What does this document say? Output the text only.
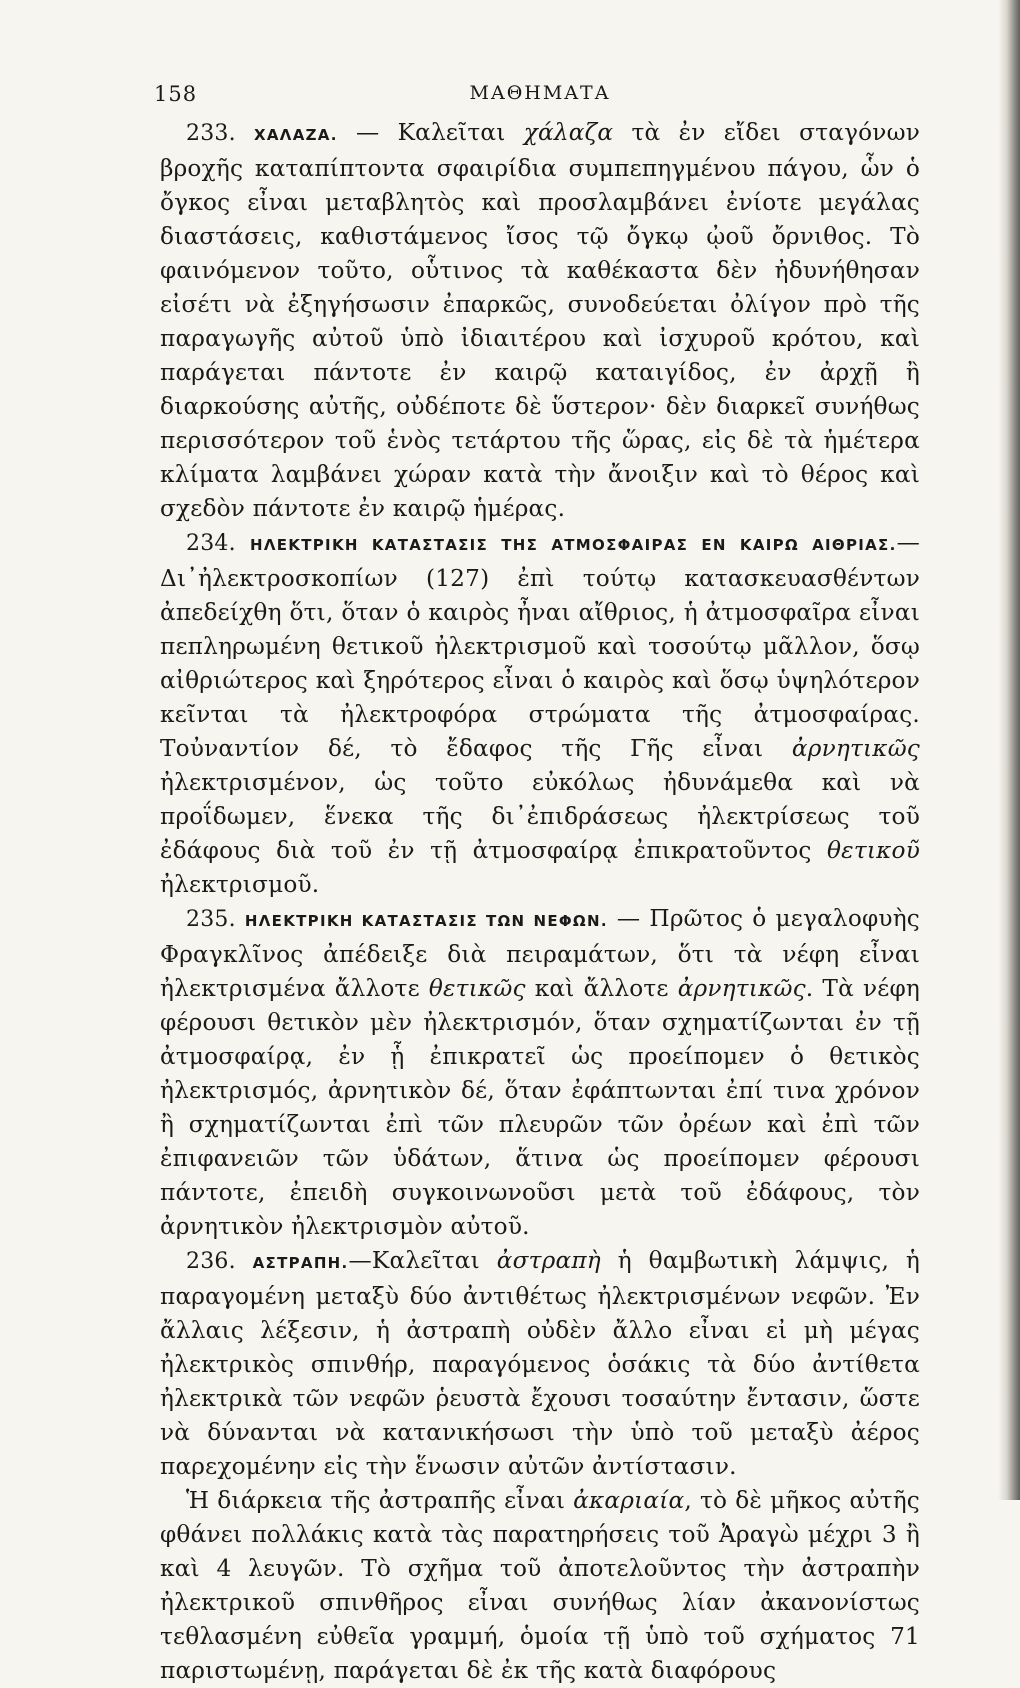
158	ΜΑΘΗΜΑΤΑ

233. ΧΑΛΑΖΑ. — Καλεῖται χάλαζα τὰ ἐν εἴδει σταγόνων βροχῆς καταπίπτοντα σφαιρίδια συμπεπηγμένου πάγου, ὧν ὁ ὄγκος εἶναι μεταβλητὸς καὶ προσλαμβάνει ἐνίοτε μεγάλας διαστάσεις, καθιστάμενος ἴσος τῷ ὄγκῳ ᾠοῦ ὄρνιθος. Τὸ φαινόμενον τοῦτο, οὗτινος τὰ καθέκαστα δὲν ἠδυνήθησαν εἰσέτι νὰ ἐξηγήσωσιν ἐπαρκῶς, συνοδεύεται ὀλίγον πρὸ τῆς παραγωγῆς αὐτοῦ ὑπὸ ἰδιαιτέρου καὶ ἰσχυροῦ κρότου, καὶ παράγεται πάντοτε ἐν καιρῷ καταιγίδος, ἐν ἀρχῇ ἢ διαρκούσης αὐτῆς, οὐδέποτε δὲ ὕστερον· δὲν διαρκεῖ συνήθως περισσότερον τοῦ ἑνὸς τετάρτου τῆς ὥρας, εἰς δὲ τὰ ἡμέτερα κλίματα λαμβάνει χώραν κατὰ τὴν ἄνοιξιν καὶ τὸ θέρος καὶ σχεδὸν πάντοτε ἐν καιρῷ ἡμέρας.

234. ΗΛΕΚΤΡΙΚΗ ΚΑΤΑΣΤΑΣΙΣ ΤΗΣ ΑΤΜΟΣΦΑΙΡΑΣ ΕΝ ΚΑΙΡΩ ΑΙΘΡΙΑΣ.—Δι᾽ἠλεκτροσκοπίων (127) ἐπὶ τούτῳ κατασκευασθέντων ἀπεδείχθη ὅτι, ὅταν ὁ καιρὸς ἦναι αἴθριος, ἡ ἀτμοσφαῖρα εἶναι πεπληρωμένη θετικοῦ ἠλεκτρισμοῦ καὶ τοσούτῳ μᾶλλον, ὅσῳ αἰθριώτερος καὶ ξηρότερος εἶναι ὁ καιρὸς καὶ ὅσῳ ὑψηλότερον κεῖνται τὰ ἠλεκτροφόρα στρώματα τῆς ἀτμοσφαίρας. Τοὐναντίον δέ, τὸ ἔδαφος τῆς Γῆς εἶναι ἀρνητικῶς ἠλεκτρισμένον, ὡς τοῦτο εὐκόλως ἠδυνάμεθα καὶ νὰ προΐδωμεν, ἕνεκα τῆς δι᾽ἐπιδράσεως ἠλεκτρίσεως τοῦ ἐδάφους διὰ τοῦ ἐν τῇ ἀτμοσφαίρᾳ ἐπικρατοῦντος θετικοῦ ἠλεκτρισμοῦ.

235. ΗΛΕΚΤΡΙΚΗ ΚΑΤΑΣΤΑΣΙΣ ΤΩΝ ΝΕΦΩΝ. — Πρῶτος ὁ μεγαλοφυὴς Φραγκλῖνος ἀπέδειξε διὰ πειραμάτων, ὅτι τὰ νέφη εἶναι ἠλεκτρισμένα ἄλλοτε θετικῶς καὶ ἄλλοτε ἀρνητικῶς. Τὰ νέφη φέρουσι θετικὸν μὲν ἠλεκτρισμόν, ὅταν σχηματίζωνται ἐν τῇ ἀτμοσφαίρᾳ, ἐν ᾗ ἐπικρατεῖ ὡς προείπομεν ὁ θετικὸς ἠλεκτρισμός, ἀρνητικὸν δέ, ὅταν ἐφάπτωνται ἐπί τινα χρόνον ἢ σχηματίζωνται ἐπὶ τῶν πλευρῶν τῶν ὀρέων καὶ ἐπὶ τῶν ἐπιφανειῶν τῶν ὑδάτων, ἅτινα ὡς προείπομεν φέρουσι πάντοτε, ἐπειδὴ συγκοινωνοῦσι μετὰ τοῦ ἐδάφους, τὸν ἀρνητικὸν ἠλεκτρισμὸν αὐτοῦ.

236. ΑΣΤΡΑΠΗ.—Καλεῖται ἀστραπὴ ἡ θαμβωτικὴ λάμψις, ἡ παραγομένη μεταξὺ δύο ἀντιθέτως ἠλεκτρισμένων νεφῶν. Ἐν ἄλλαις λέξεσιν, ἡ ἀστραπὴ οὐδὲν ἄλλο εἶναι εἰ μὴ μέγας ἠλεκτρικὸς σπινθήρ, παραγόμενος ὁσάκις τὰ δύο ἀντίθετα ἠλεκτρικὰ τῶν νεφῶν ῥευστὰ ἔχουσι τοσαύτην ἔντασιν, ὥστε νὰ δύνανται νὰ κατανικήσωσι τὴν ὑπὸ τοῦ μεταξὺ ἀέρος παρεχομένην εἰς τὴν ἕνωσιν αὐτῶν ἀντίστασιν.

Ἡ διάρκεια τῆς ἀστραπῆς εἶναι ἀκαριαία, τὸ δὲ μῆκος αὐτῆς φθάνει πολλάκις κατὰ τὰς παρατηρήσεις τοῦ Ἀραγὼ μέχρι 3 ἢ καὶ 4 λευγῶν. Τὸ σχῆμα τοῦ ἀποτελοῦντος τὴν ἀστραπὴν ἠλεκτρικοῦ σπινθῆρος εἶναι συνήθως λίαν ἀκανονίστως τεθλασμένη εὐθεῖα γραμμή, ὁμοία τῇ ὑπὸ τοῦ σχήματος 71 παριστωμένῃ, παράγεται δὲ ἐκ τῆς κατὰ διαφόρους
